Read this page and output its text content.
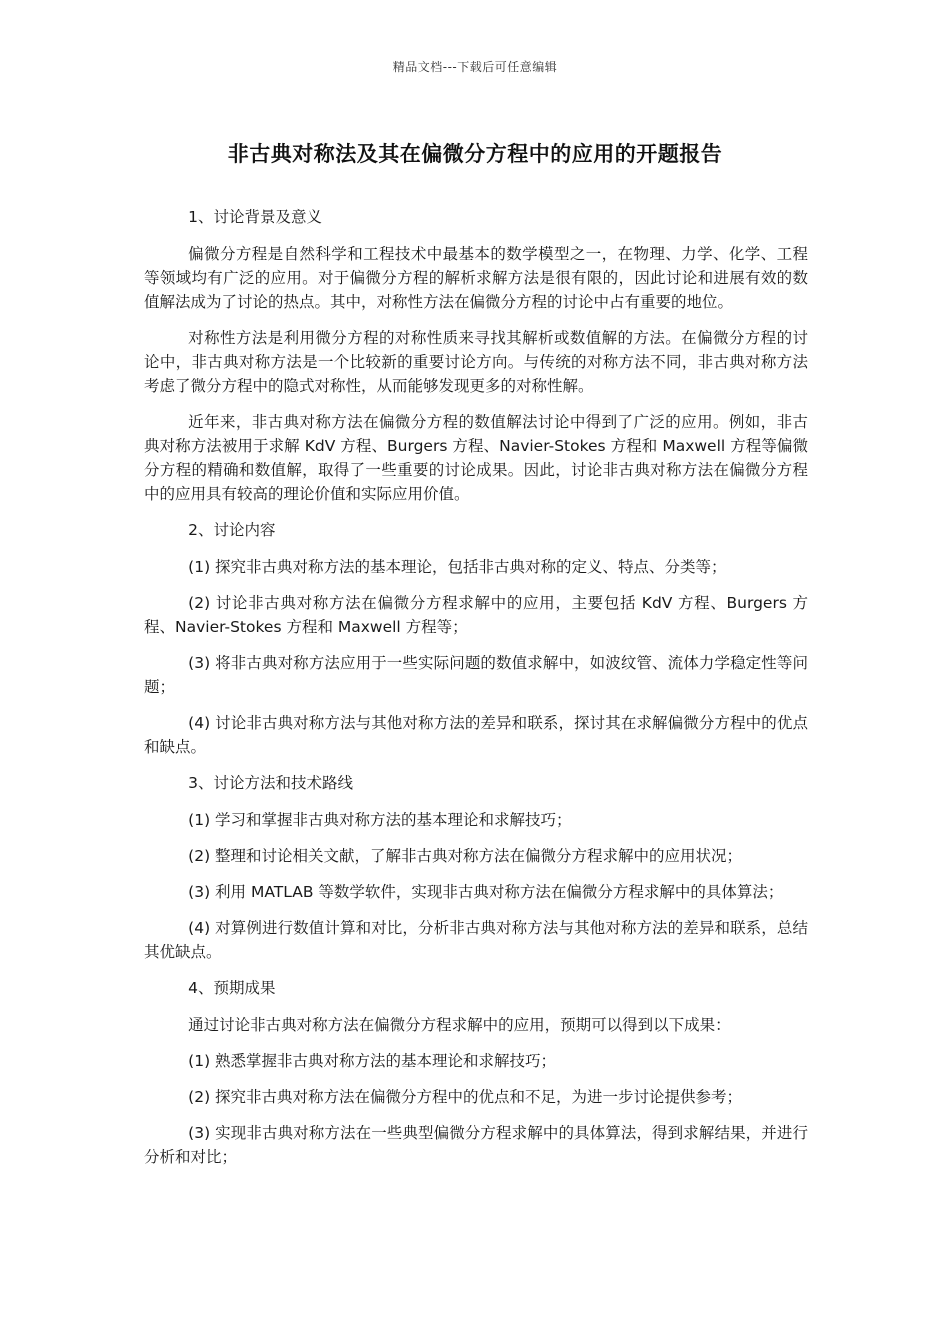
精品文档---下载后可任意编辑
非古典对称法及其在偏微分方程中的应用的开题报告

1、讨论背景及意义

偏微分方程是自然科学和工程技术中最基本的数学模型之一，在物理、力学、化学、工程等领域均有广泛的应用。对于偏微分方程的解析求解方法是很有限的，因此讨论和进展有效的数值解法成为了讨论的热点。其中，对称性方法在偏微分方程的讨论中占有重要的地位。

对称性方法是利用微分方程的对称性质来寻找其解析或数值解的方法。在偏微分方程的讨论中，非古典对称方法是一个比较新的重要讨论方向。与传统的对称方法不同，非古典对称方法考虑了微分方程中的隐式对称性，从而能够发现更多的对称性解。

近年来，非古典对称方法在偏微分方程的数值解法讨论中得到了广泛的应用。例如，非古典对称方法被用于求解 KdV 方程、Burgers 方程、Navier-Stokes 方程和 Maxwell 方程等偏微分方程的精确和数值解，取得了一些重要的讨论成果。因此，讨论非古典对称方法在偏微分方程中的应用具有较高的理论价值和实际应用价值。

2、讨论内容

(1) 探究非古典对称方法的基本理论，包括非古典对称的定义、特点、分类等；

(2) 讨论非古典对称方法在偏微分方程求解中的应用，主要包括 KdV 方程、Burgers 方程、Navier-Stokes 方程和 Maxwell 方程等；

(3) 将非古典对称方法应用于一些实际问题的数值求解中，如波纹管、流体力学稳定性等问题；

(4) 讨论非古典对称方法与其他对称方法的差异和联系，探讨其在求解偏微分方程中的优点和缺点。

3、讨论方法和技术路线

(1) 学习和掌握非古典对称方法的基本理论和求解技巧；

(2) 整理和讨论相关文献，了解非古典对称方法在偏微分方程求解中的应用状况；

(3) 利用 MATLAB 等数学软件，实现非古典对称方法在偏微分方程求解中的具体算法；

(4) 对算例进行数值计算和对比，分析非古典对称方法与其他对称方法的差异和联系，总结其优缺点。

4、预期成果

通过讨论非古典对称方法在偏微分方程求解中的应用，预期可以得到以下成果：

(1) 熟悉掌握非古典对称方法的基本理论和求解技巧；

(2) 探究非古典对称方法在偏微分方程中的优点和不足，为进一步讨论提供参考；

(3) 实现非古典对称方法在一些典型偏微分方程求解中的具体算法，得到求解结果，并进行分析和对比；
